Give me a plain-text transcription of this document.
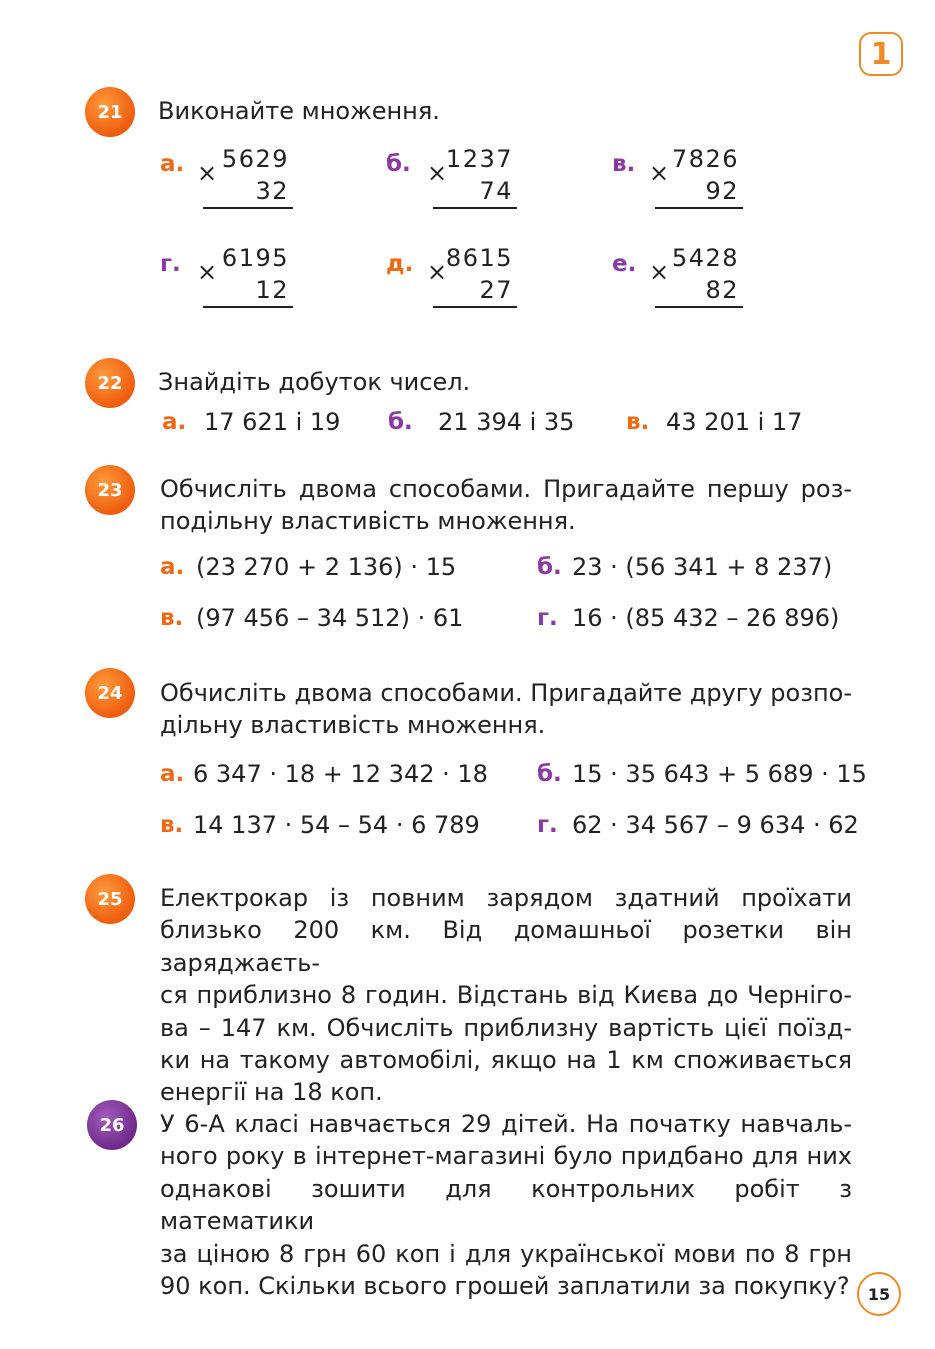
1
21	Виконайте множення.
а. × 5629
32
б. ×
1237
74
в. × 7826
92
г. × 6195
12
д. ×
8615
27
е. × 5428
82
22	Знайдіть добуток чисел.
а. 17 621 і 19 б. 21 394 і 35 в. 43 201 і 17
23	Обчисліть двома способами. Пригадайте першу роз-
подільну властивість множення.
а. (23 270 + 2 136) · 15	б. 23 · (56 341 + 8 237)
в. (97 456 – 34 512) · 61	г. 16 · (85 432 – 26 896)
24	Обчисліть двома способами. Пригадайте другу розпо-
дільну властивість множення.
а. 6 347 · 18 + 12 342 · 18 б. 15 · 35 643 + 5 689 · 15
в. 14 137 · 54 – 54 · 6 789 г. 62 · 34 567 – 9 634 · 62
25	Електрокар із повним зарядом здатний проїхати
близько 200 км. Від домашньої розетки він заряджаєть-
ся приблизно 8 годин. Відстань від Києва до Черніго-
ва – 147 км. Обчисліть приблизну вартість цієї поїзд-
ки на такому автомобілі, якщо на 1 км споживається
енергії на 18 коп.
26	У 6-А класі навчається 29 дітей. На початку навчаль-
ного року в інтернет-магазині було придбано для них
однакові зошити для контрольних робіт з математики
за ціною 8 грн 60 коп і для української мови по 8 грн
90 коп. Скільки всього грошей заплатили за покупку?	15
